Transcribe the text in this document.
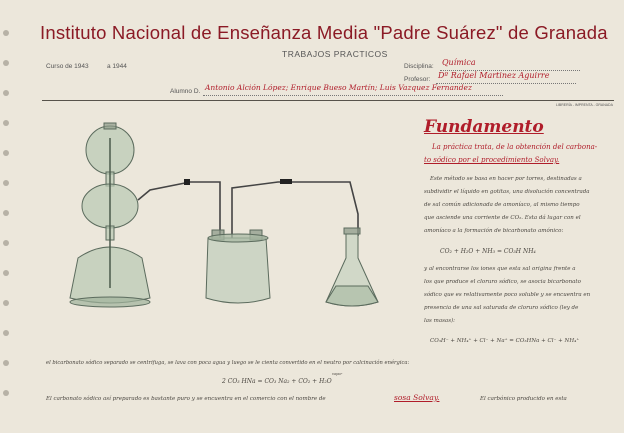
Instituto Nacional de Enseñanza Media "Padre Suárez" de Granada
TRABAJOS PRACTICOS
Curso de 1943	a 1944	Disciplina: Química
Profesor: Dº Rafael Martinez Aguirre
Alumno D. Antonio Alción López; Enrique Bueso Martín; Luis Vazquez Fernandez
LIBRERÍA - IMPRENTA - GRANADA
Fundamento
La práctica trata, de la obtención del carbona-
to sódico por el procedimiento Solvay.
Este método se basa en hacer por torres, destinadas a
subdividir el líquido en gotitas, una disolución concentrada
de sal común adicionada de amoníaco, al mismo tiempo
que asciende una corriente de CO₂. Esta dá lugar con el
amoníaco a la formación de bicarbonato amónico:
CO₂ + H₂O + NH₃ = CO₃H NH₄
y al encontrarse los iones que esta sal origina frente a
los que produce el cloruro sódico, se asocia bicarbonato
sódico que es relativamente poco soluble y se encuentra en
presencia de una sal saturada de cloruro sódico (ley de
las masas):
CO₃H⁻ + NH₄⁺ + Cl⁻ + Na⁺ = CO₃HNa + Cl⁻ + NH₄⁺
el bicarbonato sódico separado se centrifuga, se lava con poca agua y luego se le cienta convertido en el neutro por calcinación enérgica:
2 CO₃ HNa = CO₃ Na₂ + CO₂ + H₂O
vapor
El carbonato sódico así preparado es bastante puro y se encuentra en el comercio con el nombre de	sosa Solvay.	El carbónico producido en esta
